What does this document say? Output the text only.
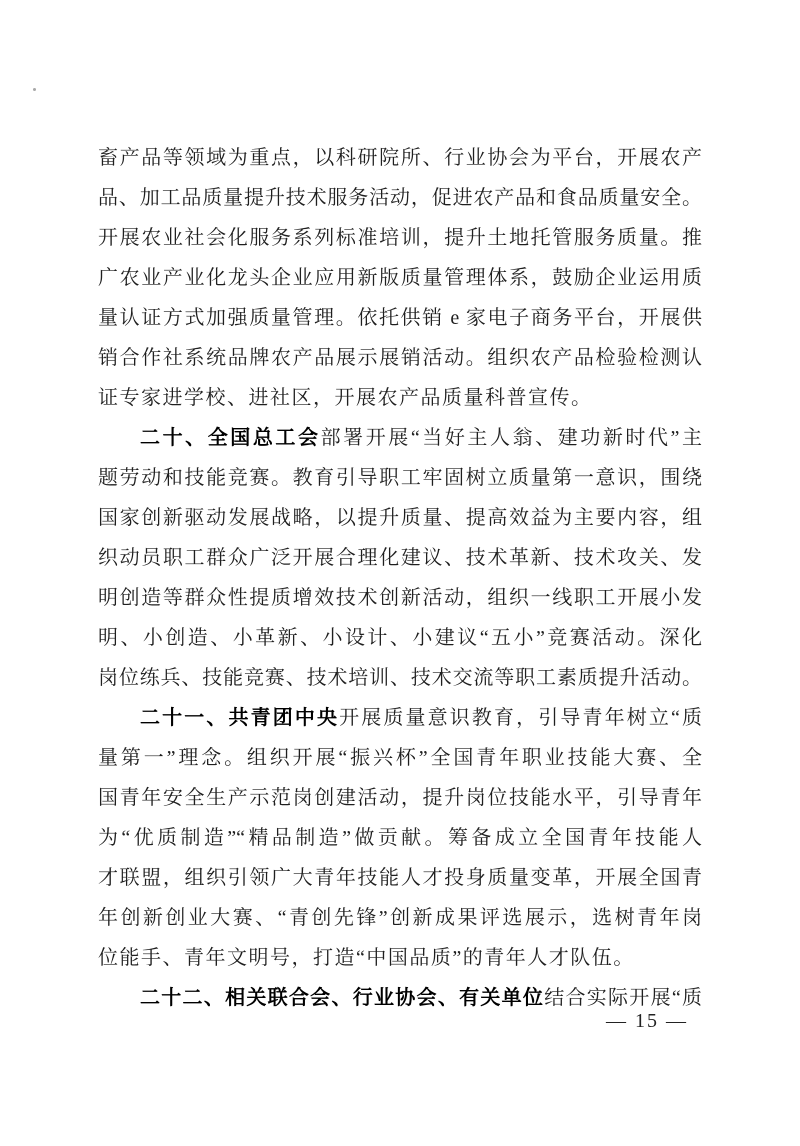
畜产品等领域为重点，以科研院所、行业协会为平台，开展农产
品、加工品质量提升技术服务活动，促进农产品和食品质量安全。
开展农业社会化服务系列标准培训，提升土地托管服务质量。推
广农业产业化龙头企业应用新版质量管理体系，鼓励企业运用质
量认证方式加强质量管理。依托供销 e 家电子商务平台，开展供
销合作社系统品牌农产品展示展销活动。组织农产品检验检测认
证专家进学校、进社区，开展农产品质量科普宣传。
二十、全国总工会部署开展“当好主人翁、建功新时代”主
题劳动和技能竞赛。教育引导职工牢固树立质量第一意识，围绕
国家创新驱动发展战略，以提升质量、提高效益为主要内容，组
织动员职工群众广泛开展合理化建议、技术革新、技术攻关、发
明创造等群众性提质增效技术创新活动，组织一线职工开展小发
明、小创造、小革新、小设计、小建议“五小”竞赛活动。深化
岗位练兵、技能竞赛、技术培训、技术交流等职工素质提升活动。
二十一、共青团中央开展质量意识教育，引导青年树立“质
量第一”理念。组织开展“振兴杯”全国青年职业技能大赛、全
国青年安全生产示范岗创建活动，提升岗位技能水平，引导青年
为“优质制造”“精品制造”做贡献。筹备成立全国青年技能人
才联盟，组织引领广大青年技能人才投身质量变革，开展全国青
年创新创业大赛、“青创先锋”创新成果评选展示，选树青年岗
位能手、青年文明号，打造“中国品质”的青年人才队伍。
二十二、相关联合会、行业协会、有关单位结合实际开展“质
— 15 —
